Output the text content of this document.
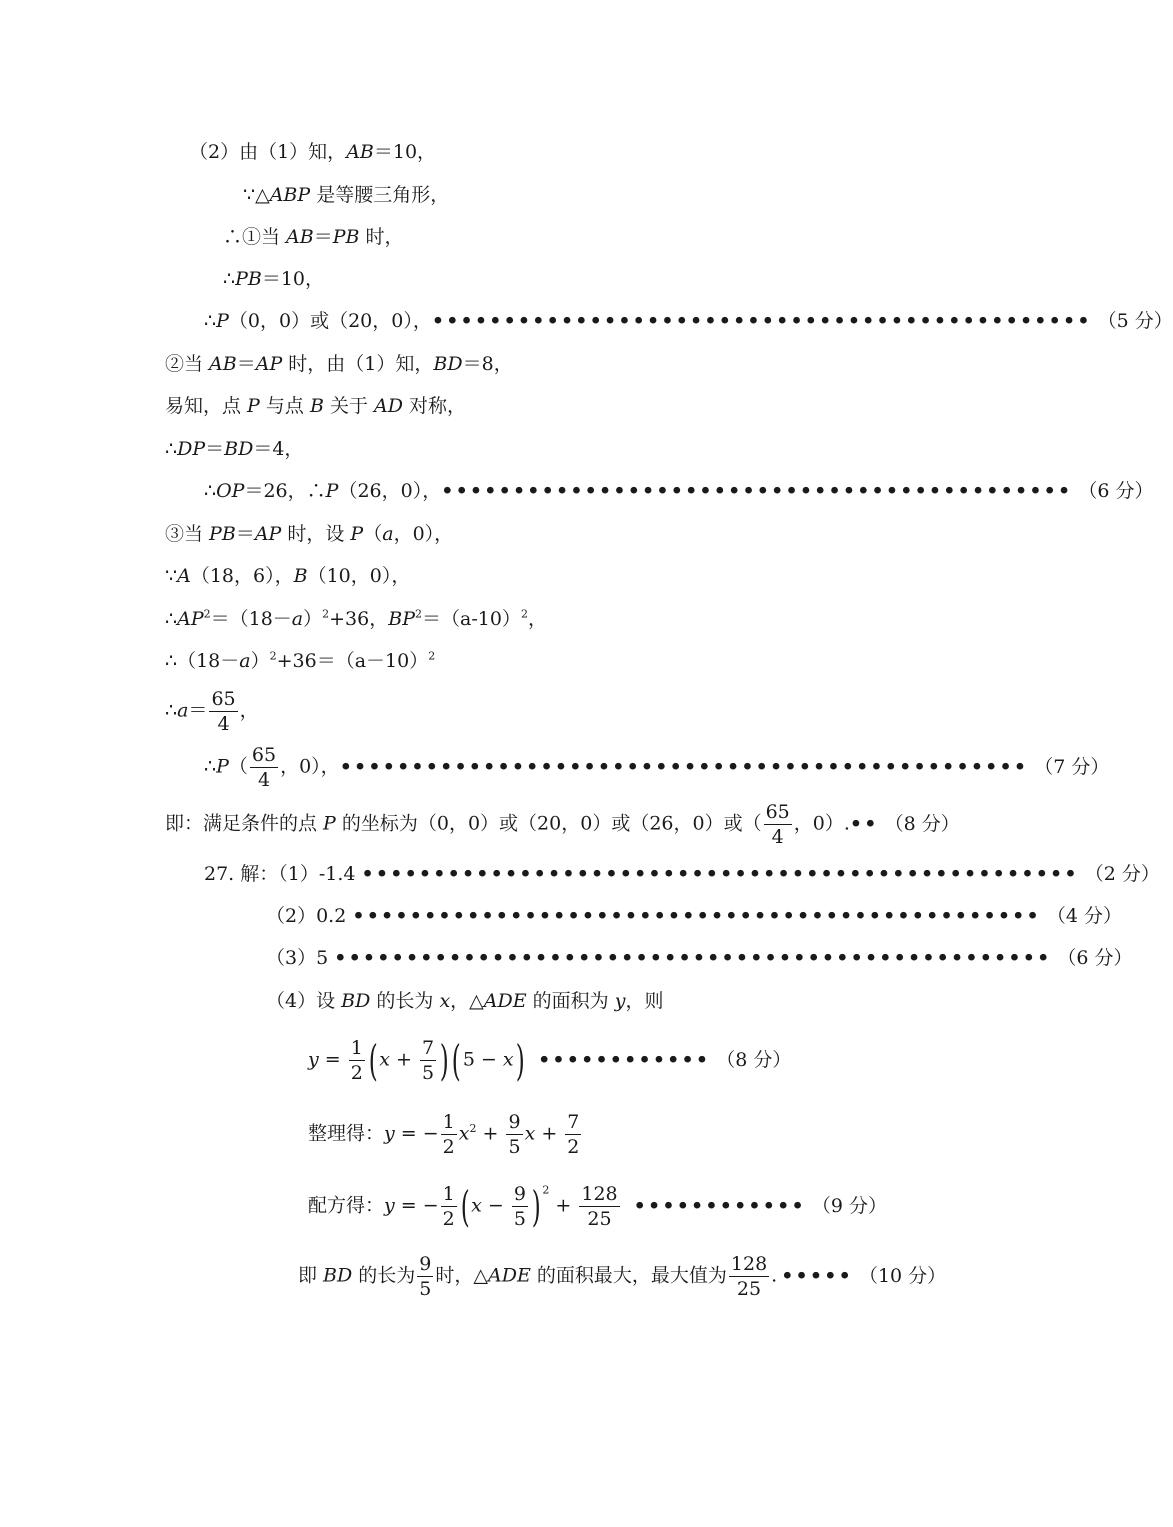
（2）由（1）知，AB＝10，
∵△ABP 是等腰三角形，
∴①当 AB＝PB 时，
∴PB＝10，
∴P（0，0）或（20，0），•••••••••••••••••••••••••••••••••••••••••••••• （5 分）
②当 AB＝AP 时，由（1）知，BD＝8，
易知，点 P 与点 B 关于 AD 对称，
∴DP＝BD＝4，
∴OP＝26，∴P（26，0），•••••••••••••••••••••••••••••••••••••••••••• （6 分）
③当 PB＝AP 时，设 P（a，0），
∵A（18，6），B（10，0），
$\therefore AP^2=(18-a)^2+36$，$BP^2=(a-10)^2$，
$\therefore(18-a)^2+36=(a-10)^2$
∴a＝ $\frac{65}{4}$ ，
∴P（ $\frac{65}{4}$ ，0），•••••••••••••••••••••••••••••••••••••••••••••••• （7 分）
即：满足条件的点 P 的坐标为（0，0）或（20，0）或（26，0）或（ $\frac{65}{4}$ ，0）.•• （8 分）
27. 解：（1）-1.4 •••••••••••••••••••••••••••••••••••••••••••••••••• （2 分）
（2）0.2 •••••••••••••••••••••••••••••••••••••••••••••••• （4 分）
（3）5 •••••••••••••••••••••••••••••••••••••••••••••••••• （6 分）
（4）设 BD 的长为 x，△ADE 的面积为 y，则
$y = \frac{1}{2} (x + \frac{7}{5} )(5 - x)$ •••••••••••• （8 分）
整理得：y = − $\frac{1}{2} x^2 + \frac{9}{5}$ $x + \frac{7}{2}$
配方得：y = − $\frac{1}{2} (x - \frac{9}{5}$ ) $^2 + \frac{128}{25}$ •••••••••••• （9 分）
即 BD 的长为 $\frac{9}{5}$ 时，△ADE 的面积最大，最大值为 $\frac{128}{25}$ . ••••• （10 分）
